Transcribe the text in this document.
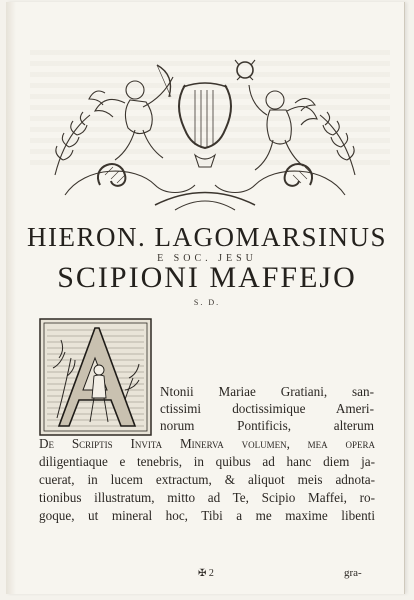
HIERON. LAGOMARSINUS
E SOC. JESU
SCIPIONI MAFFEJO
S. D.
Ntonii Mariae Gratiani, san-
ctissimi doctissimique Ameri-
norum Pontificis, alterum
De Scriptis Invita Minerva volumen, mea opera
diligentiaque e tenebris, in quibus ad hanc diem ja-
cuerat, in lucem extractum, & aliquot meis adnota-
tionibus illustratum, mitto ad Te, Scipio Maffei, ro-
goque, ut mineral hoc, Tibi a me maxime libenti
✠ 2	gra-
